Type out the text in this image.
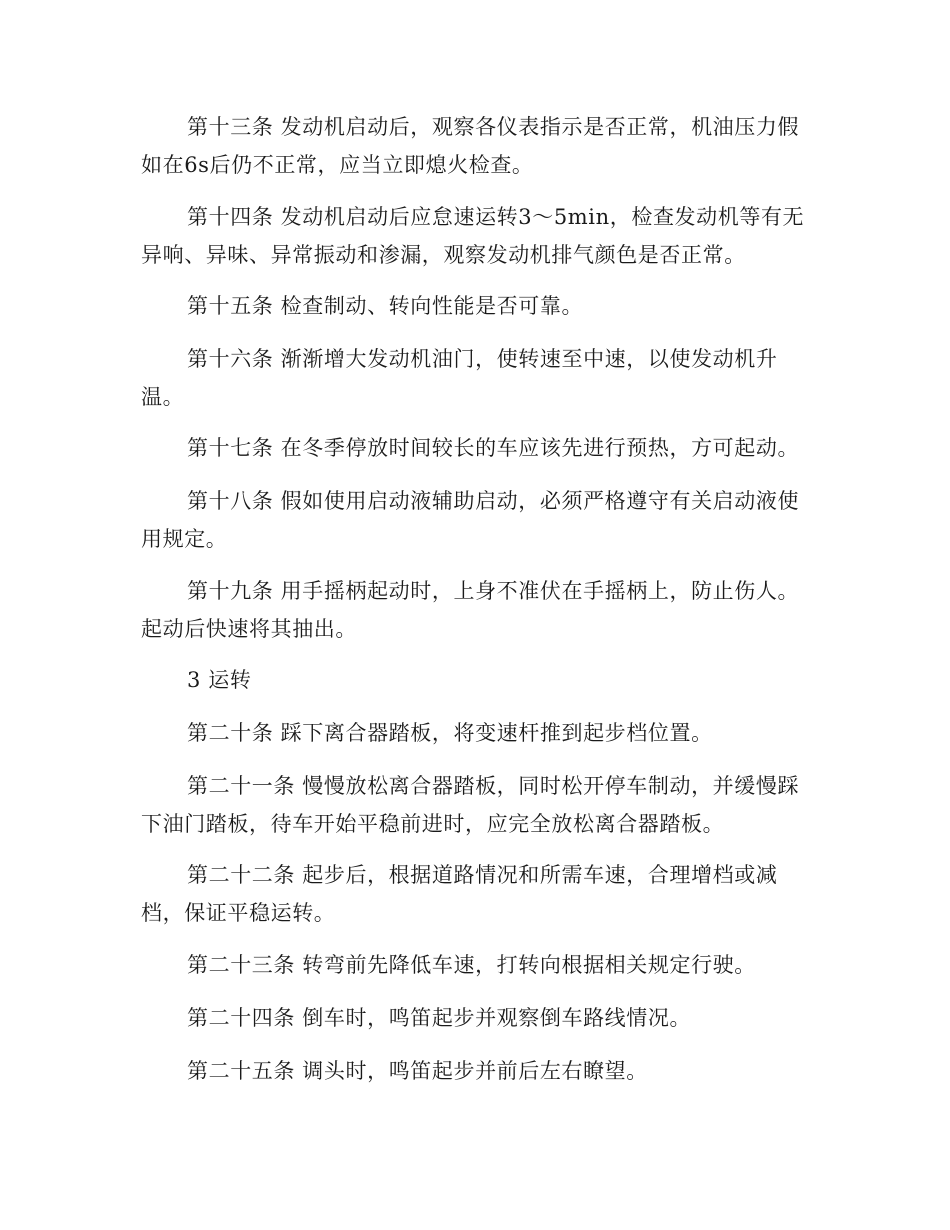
第十三条 发动机启动后，观察各仪表指示是否正常，机油压力假如在6s后仍不正常，应当立即熄火检查。

第十四条 发动机启动后应怠速运转3～5min，检查发动机等有无异响、异味、异常振动和渗漏，观察发动机排气颜色是否正常。

第十五条 检查制动、转向性能是否可靠。

第十六条 渐渐增大发动机油门，使转速至中速，以使发动机升温。

第十七条 在冬季停放时间较长的车应该先进行预热，方可起动。

第十八条 假如使用启动液辅助启动，必须严格遵守有关启动液使用规定。

第十九条 用手摇柄起动时，上身不准伏在手摇柄上，防止伤人。起动后快速将其抽出。

3 运转

第二十条 踩下离合器踏板，将变速杆推到起步档位置。

第二十一条 慢慢放松离合器踏板，同时松开停车制动，并缓慢踩下油门踏板，待车开始平稳前进时，应完全放松离合器踏板。

第二十二条 起步后，根据道路情况和所需车速，合理增档或减档，保证平稳运转。

第二十三条 转弯前先降低车速，打转向根据相关规定行驶。

第二十四条 倒车时，鸣笛起步并观察倒车路线情况。

第二十五条 调头时，鸣笛起步并前后左右瞭望。
